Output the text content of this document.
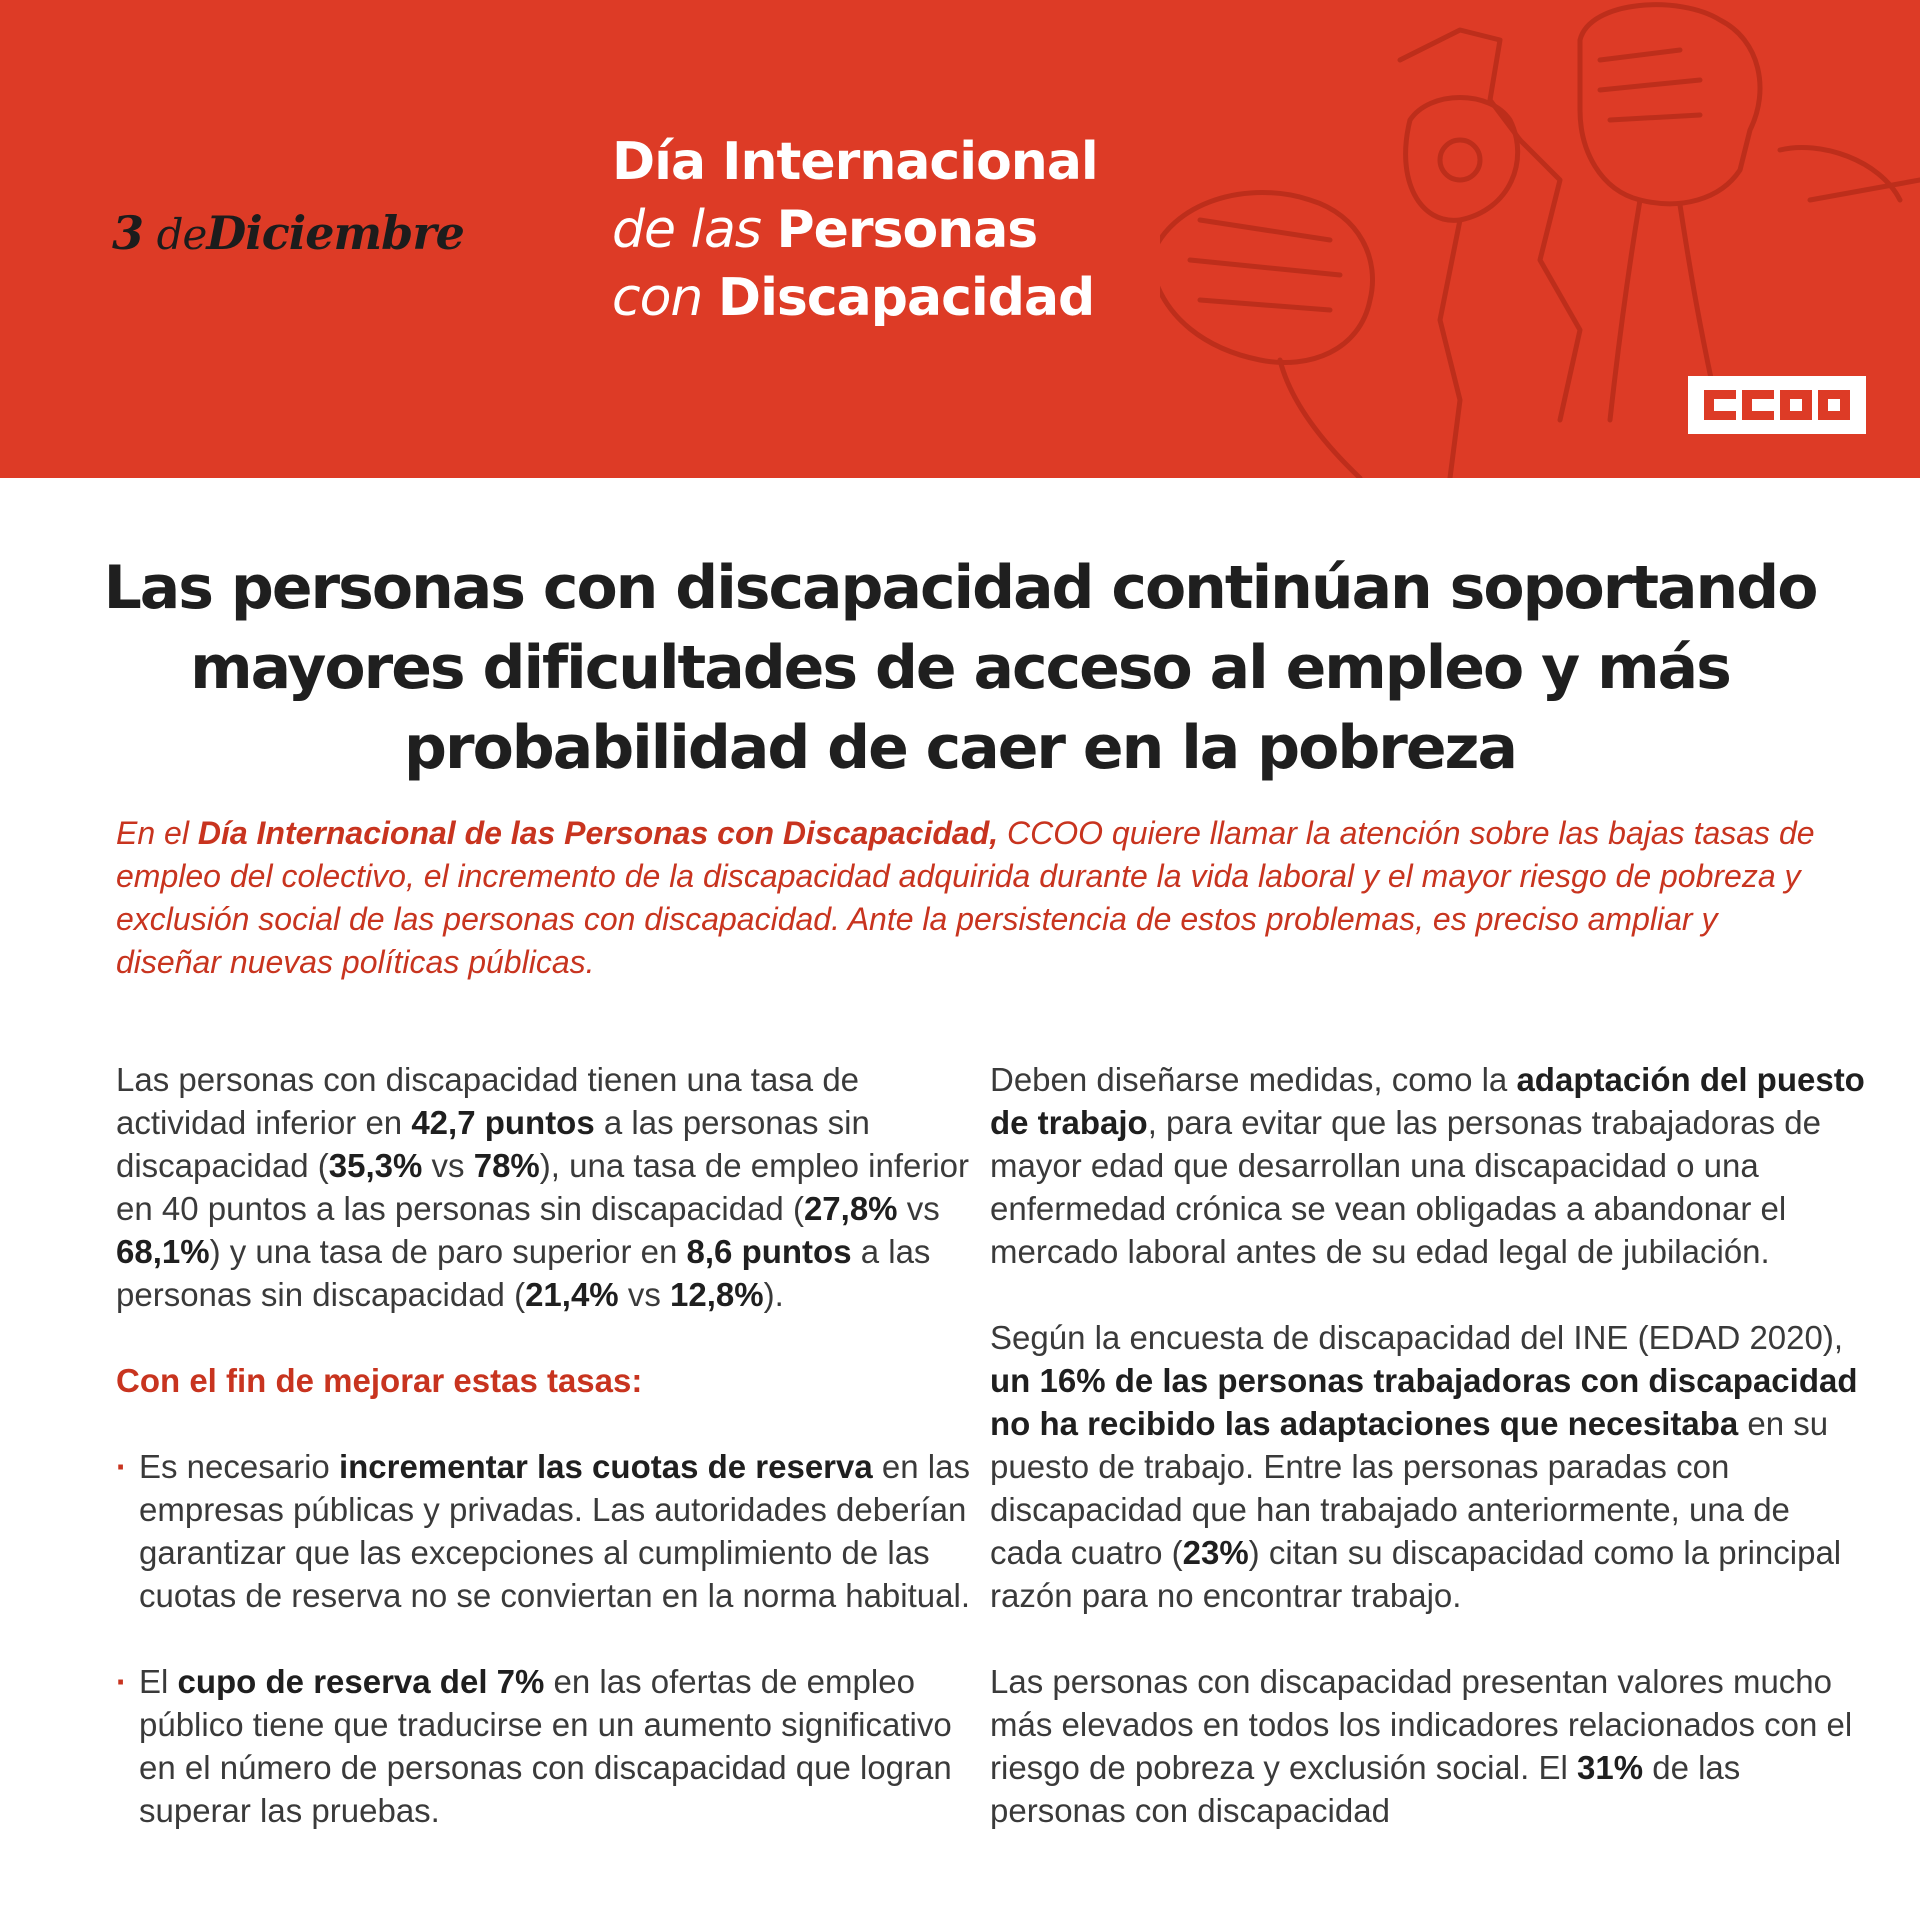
3 deDiciembre
Día Internacional
de las Personas
con Discapacidad
Las personas con discapacidad continúan soportando
mayores dificultades de acceso al empleo y más
probabilidad de caer en la pobreza

En el Día Internacional de las Personas con Discapacidad, CCOO quiere llamar la atención sobre las bajas tasas de empleo del colectivo, el incremento de la discapacidad adquirida durante la vida laboral y el mayor riesgo de pobreza y exclusión social de las personas con discapacidad. Ante la persistencia de estos problemas, es preciso ampliar y diseñar nuevas políticas públicas.

Las personas con discapacidad tienen una tasa de actividad inferior en 42,7 puntos a las personas sin discapacidad (35,3% vs 78%), una tasa de empleo inferior en 40 puntos a las personas sin discapacidad (27,8% vs 68,1%) y una tasa de paro superior en 8,6 puntos a las personas sin discapacidad (21,4% vs 12,8%).

Con el fin de mejorar estas tasas:

· Es necesario incrementar las cuotas de reserva en las empresas públicas y privadas. Las autoridades deberían garantizar que las excepciones al cumplimiento de las cuotas de reserva no se conviertan en la norma habitual.

· El cupo de reserva del 7% en las ofertas de empleo público tiene que traducirse en un aumento significativo en el número de personas con discapacidad que logran superar las pruebas.

Deben diseñarse medidas, como la adaptación del puesto de trabajo, para evitar que las personas trabajadoras de mayor edad que desarrollan una discapacidad o una enfermedad crónica se vean obligadas a abandonar el mercado laboral antes de su edad legal de jubilación.

Según la encuesta de discapacidad del INE (EDAD 2020), un 16% de las personas trabajadoras con discapacidad no ha recibido las adaptaciones que necesitaba en su puesto de trabajo. Entre las personas paradas con discapacidad que han trabajado anteriormente, una de cada cuatro (23%) citan su discapacidad como la principal razón para no encontrar trabajo.

Las personas con discapacidad presentan valores mucho más elevados en todos los indicadores relacionados con el riesgo de pobreza y exclusión social. El 31% de las personas con discapacidad
